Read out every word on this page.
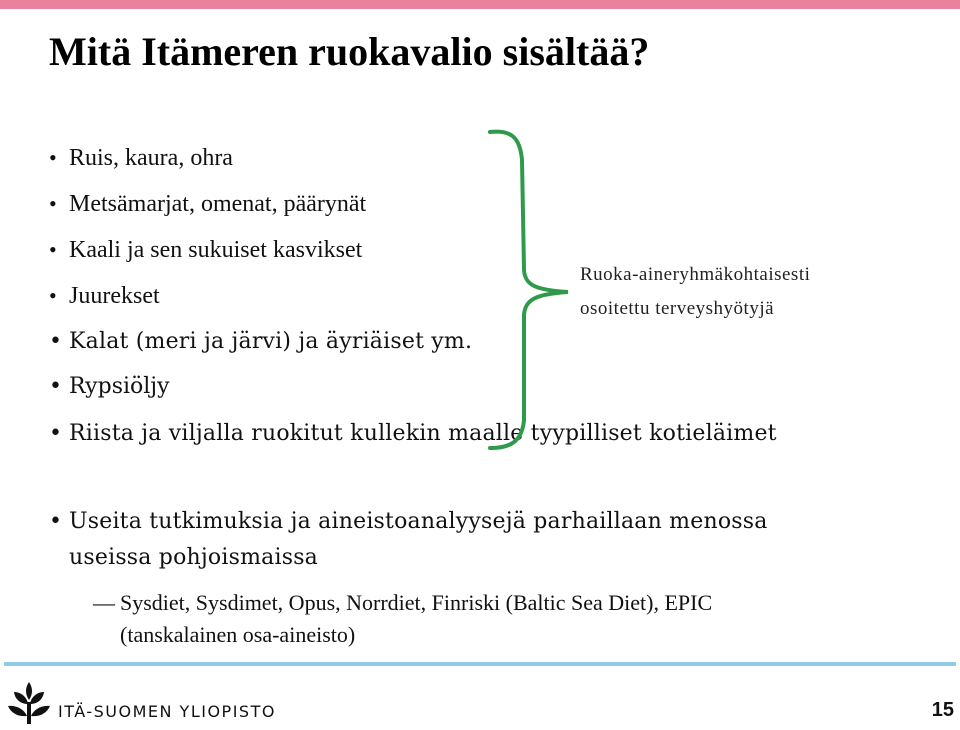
Mitä Itämeren ruokavalio sisältää?
• Ruis, kaura, ohra
• Metsämarjat, omenat, päärynät
• Kaali ja sen sukuiset kasvikset
• Juurekset
• Kalat (meri ja järvi) ja äyriäiset ym.
• Rypsiöljy
• Riista ja viljalla ruokitut kullekin maalle tyypilliset kotieläimet
• Useita tutkimuksia ja aineistoanalyysejä parhaillaan menossa
useissa pohjoismaissa
— Sysdiet, Sysdimet, Opus, Norrdiet, Finriski (Baltic Sea Diet), EPIC
(tanskalainen osa-aineisto)
Ruoka-aineryhmäkohtaisesti
osoitettu terveyshyötyjä
ITÄ-SUOMEN YLIOPISTO	15
